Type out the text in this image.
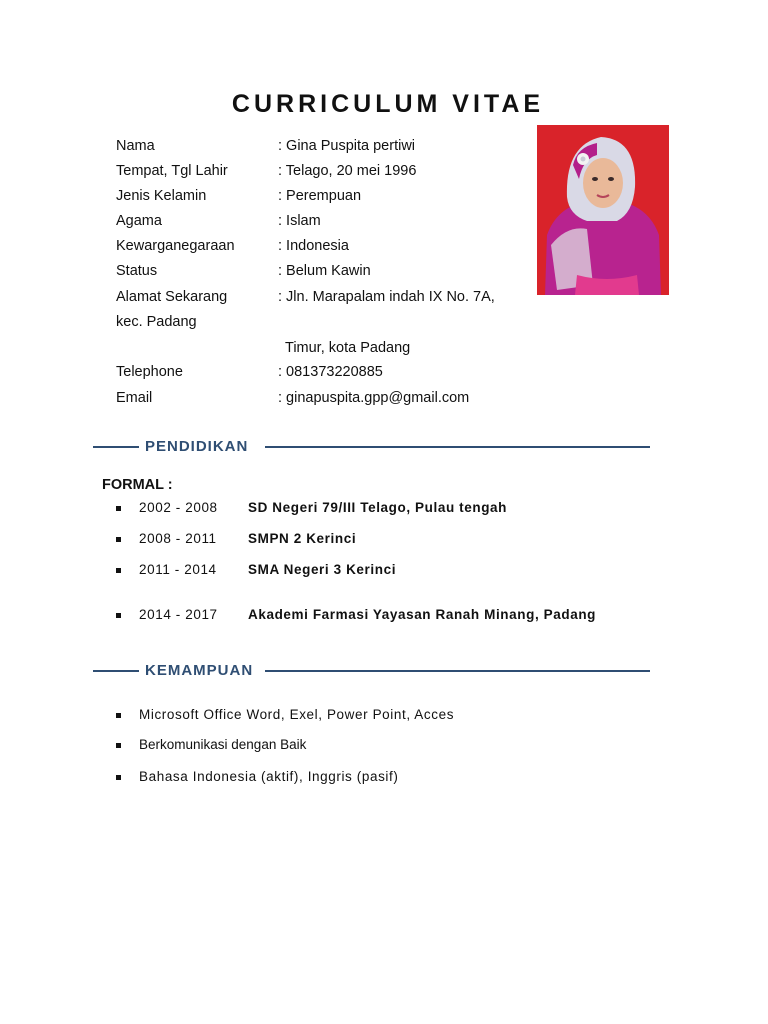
CURRICULUM VITAE
Nama	: Gina Puspita pertiwi
Tempat, Tgl Lahir	: Telago, 20 mei 1996
Jenis Kelamin	: Perempuan
Agama	: Islam
Kewarganegaraan	: Indonesia
Status	: Belum Kawin
Alamat Sekarang	: Jln. Marapalam indah IX No. 7A,
kec. Padang
Timur, kota Padang
Telephone	: 081373220885
Email	: ginapuspita.gpp@gmail.com
PENDIDIKAN
FORMAL :
2002 - 2008 SD Negeri 79/III Telago, Pulau tengah
2008 - 2011 SMPN 2 Kerinci
2011 - 2014 SMA Negeri 3 Kerinci
2014 - 2017 Akademi Farmasi Yayasan Ranah Minang, Padang
KEMAMPUAN
Microsoft Office Word, Exel, Power Point, Acces
Berkomunikasi dengan Baik
Bahasa Indonesia (aktif), Inggris (pasif)
